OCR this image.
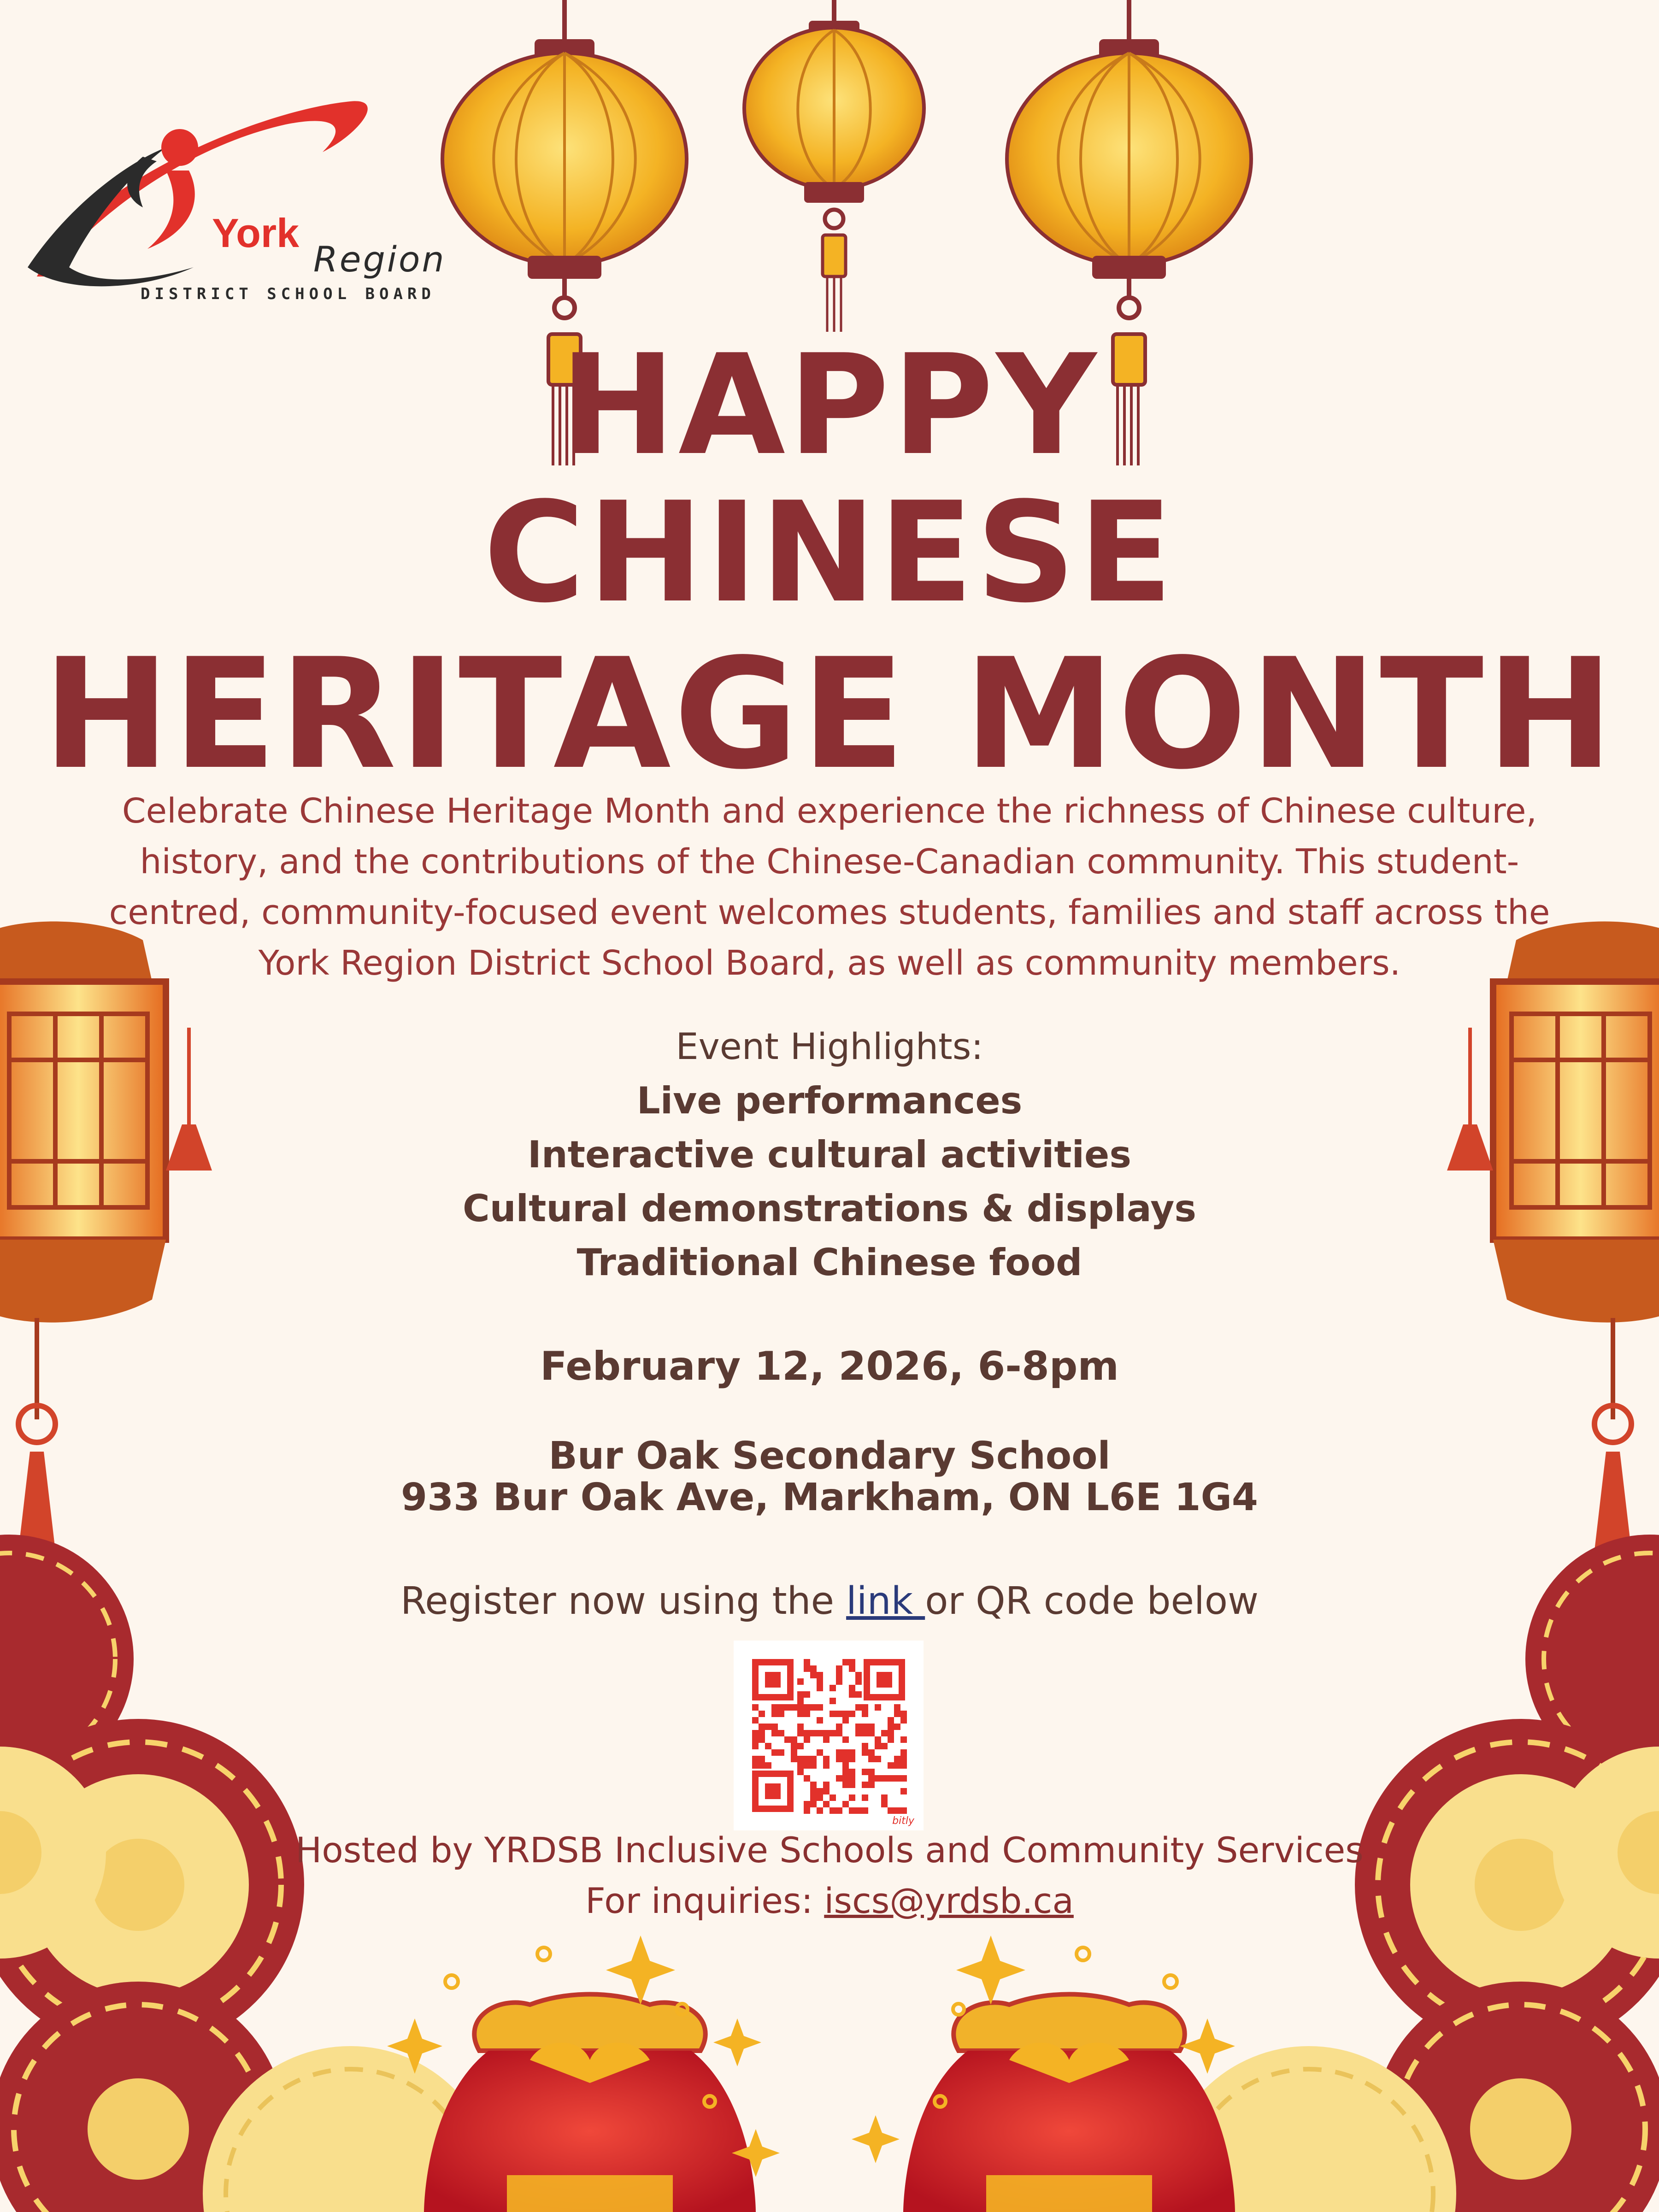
York
Region
DISTRICT SCHOOL BOARD
HAPPY
CHINESE
HERITAGE MONTH
Celebrate Chinese Heritage Month and experience the richness of Chinese culture, history, and the contributions of the Chinese-Canadian community. This student-centred, community-focused event welcomes students, families and staff across the York Region District School Board, as well as community members.
Event Highlights:
Live performances
Interactive cultural activities
Cultural demonstrations & displays
Traditional Chinese food
February 12, 2026, 6-8pm
Bur Oak Secondary School
933 Bur Oak Ave, Markham, ON L6E 1G4
Register now using the link or QR code below
bitly
Hosted by YRDSB Inclusive Schools and Community Services
For inquiries: iscs@yrdsb.ca
